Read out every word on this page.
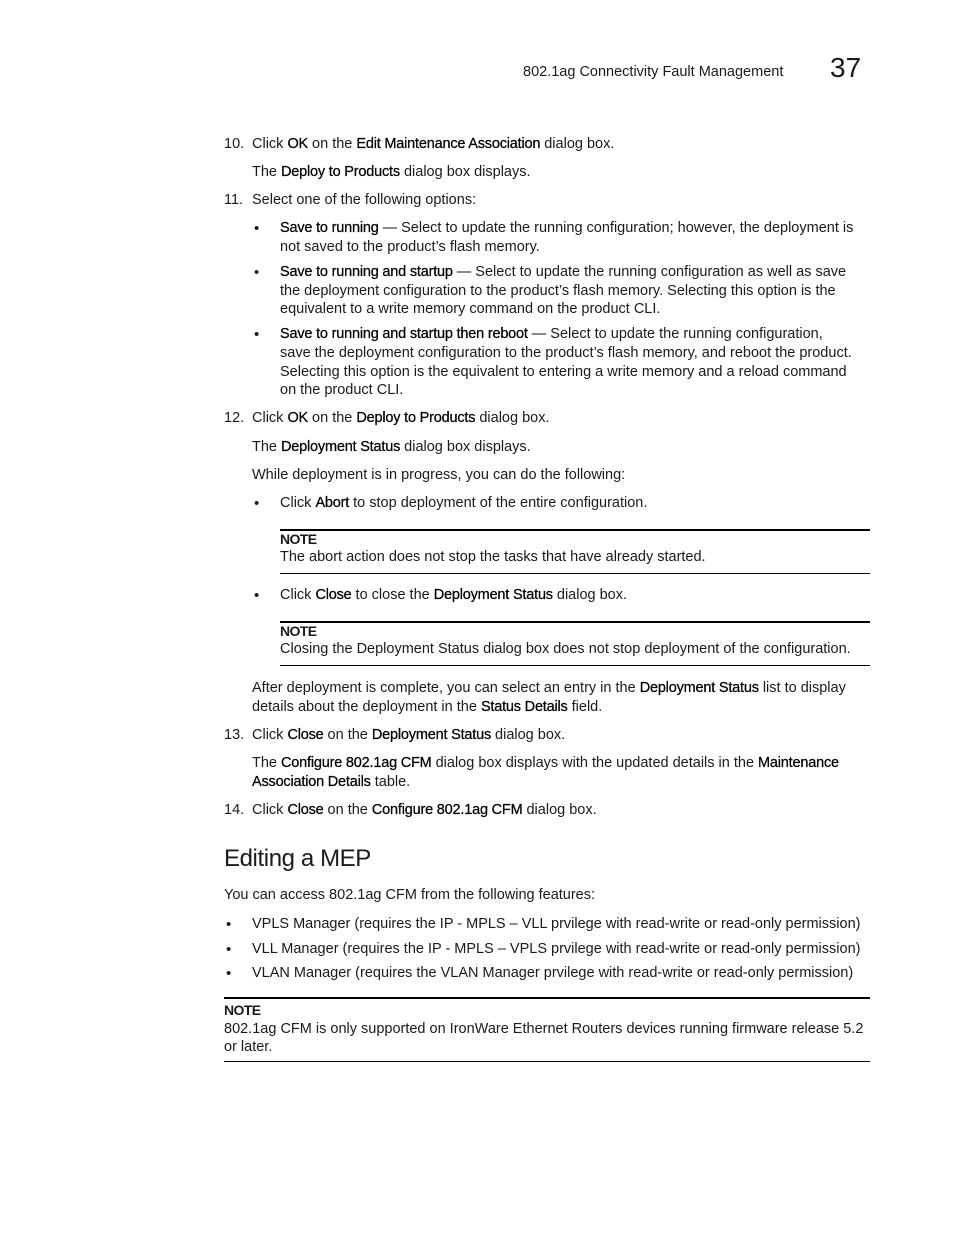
802.1ag Connectivity Fault Management 37
10. Click OK on the Edit Maintenance Association dialog box.
The Deploy to Products dialog box displays.
11. Select one of the following options:
• Save to running — Select to update the running configuration; however, the deployment is
not saved to the product’s flash memory.
• Save to running and startup — Select to update the running configuration as well as save
the deployment configuration to the product’s flash memory. Selecting this option is the
equivalent to a write memory command on the product CLI.
• Save to running and startup then reboot — Select to update the running configuration,
save the deployment configuration to the product’s flash memory, and reboot the product.
Selecting this option is the equivalent to entering a write memory and a reload command
on the product CLI.
12. Click OK on the Deploy to Products dialog box.
The Deployment Status dialog box displays.
While deployment is in progress, you can do the following:
• Click Abort to stop deployment of the entire configuration.
NOTE
The abort action does not stop the tasks that have already started.
• Click Close to close the Deployment Status dialog box.
NOTE
Closing the Deployment Status dialog box does not stop deployment of the configuration.
After deployment is complete, you can select an entry in the Deployment Status list to display
details about the deployment in the Status Details field.
13. Click Close on the Deployment Status dialog box.
The Configure 802.1ag CFM dialog box displays with the updated details in the Maintenance
Association Details table.
14. Click Close on the Configure 802.1ag CFM dialog box.
Editing a MEP
You can access 802.1ag CFM from the following features:
• VPLS Manager (requires the IP - MPLS – VLL prvilege with read-write or read-only permission)
• VLL Manager (requires the IP - MPLS – VPLS prvilege with read-write or read-only permission)
• VLAN Manager (requires the VLAN Manager prvilege with read-write or read-only permission)
NOTE
802.1ag CFM is only supported on IronWare Ethernet Routers devices running firmware release 5.2
or later.
